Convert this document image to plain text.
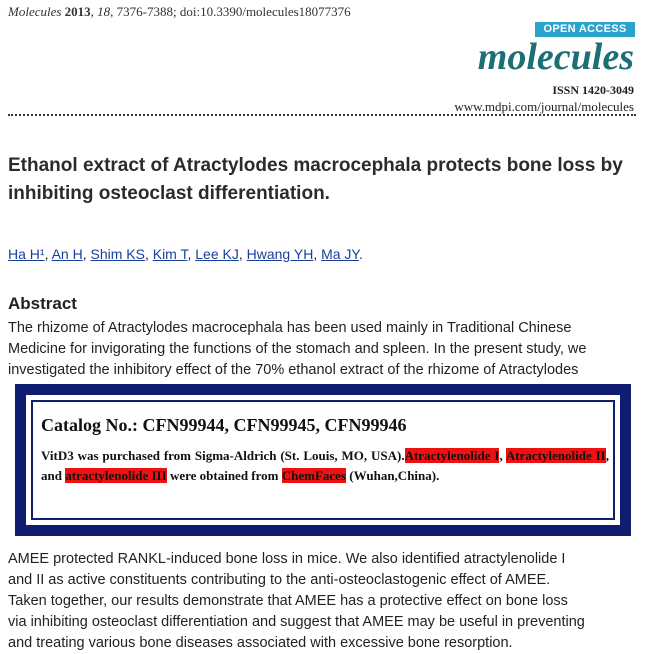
Molecules 2013, 18, 7376-7388; doi:10.3390/molecules18077376
OPEN ACCESS
molecules
ISSN 1420-3049
www.mdpi.com/journal/molecules
Ethanol extract of Atractylodes macrocephala protects bone loss by inhibiting osteoclast differentiation.
Ha H¹, An H, Shim KS, Kim T, Lee KJ, Hwang YH, Ma JY.
Abstract
The rhizome of Atractylodes macrocephala has been used mainly in Traditional Chinese
Medicine for invigorating the functions of the stomach and spleen. In the present study, we
investigated the inhibitory effect of the 70% ethanol extract of the rhizome of Atractylodes
AMEE protected RANKL-induced bone loss in mice. We also identified atractylenolide I
and II as active constituents contributing to the anti-osteoclastogenic effect of AMEE.
Taken together, our results demonstrate that AMEE has a protective effect on bone loss
via inhibiting osteoclast differentiation and suggest that AMEE may be useful in preventing
and treating various bone diseases associated with excessive bone resorption.
Catalog No.: CFN99944, CFN99945, CFN99946
VitD3 was purchased from Sigma-Aldrich (St. Louis, MO, USA).Atractylenolide I, Atractylenolide II, and atractylenolide III were obtained from ChemFaces (Wuhan,China).
